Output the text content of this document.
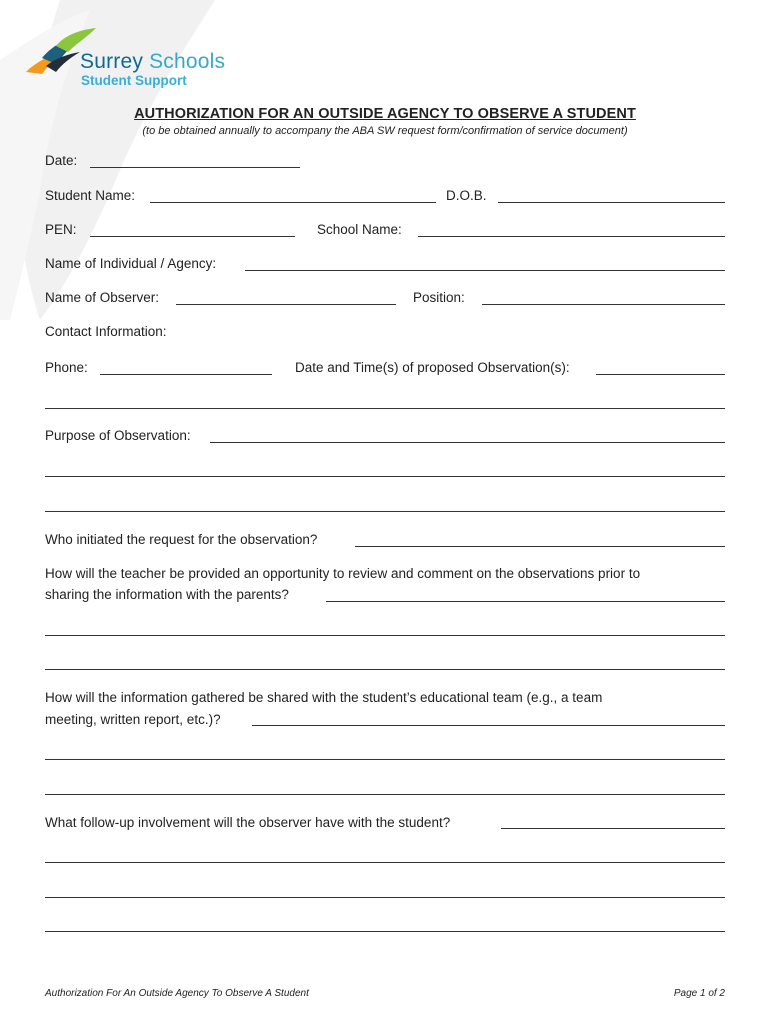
Surrey Schools
Student Support
AUTHORIZATION FOR AN OUTSIDE AGENCY TO OBSERVE A STUDENT
(to be obtained annually to accompany the ABA SW request form/confirmation of service document)
Date:
Student Name:	D.O.B.
PEN:	School Name:
Name of Individual / Agency:
Name of Observer:	Position:
Contact Information:
Phone:	Date and Time(s) of proposed Observation(s):
Purpose of Observation:
Who initiated the request for the observation?
How will the teacher be provided an opportunity to review and comment on the observations prior to
sharing the information with the parents?
How will the information gathered be shared with the student’s educational team (e.g., a team
meeting, written report, etc.)?
What follow-up involvement will the observer have with the student?
Authorization For An Outside Agency To Observe A Student	Page 1 of 2
